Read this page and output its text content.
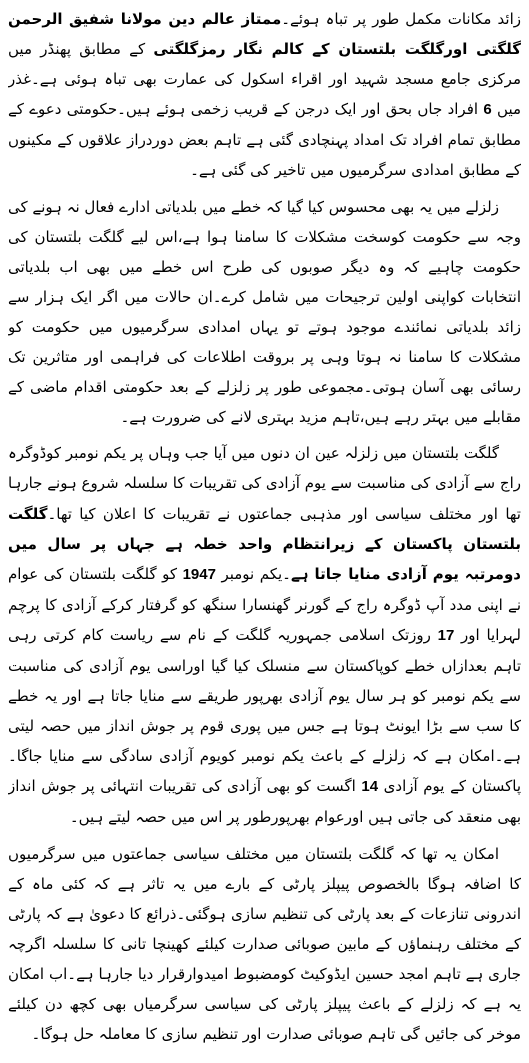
زائد مکانات مکمل طور پر تباہ ہوئے۔ممتاز عالم دین مولانا شفیق الرحمن گلگتی اورگلگت بلتستان کے کالم نگار رمزگلگتی کے مطابق پھنڈر میں مرکزی جامع مسجد شہید اور اقراء اسکول کی عمارت بھی تباہ ہوئی ہے۔غذر میں 6 افراد جاں بحق اور ایک درجن کے قریب زخمی ہوئے ہیں۔حکومتی دعوے کے مطابق تمام افراد تک امداد پہنچادی گئی ہے تاہم بعض دوردراز علاقوں کے مکینوں کے مطابق امدادی سرگرمیوں میں تاخیر کی گئی ہے۔

زلزلے میں یہ بھی محسوس کیا گیا کہ خطے میں بلدیاتی ادارے فعال نہ ہونے کی وجہ سے حکومت کوسخت مشکلات کا سامنا ہوا ہے،اس لیے گلگت بلتستان کی حکومت چاہیے کہ وہ دیگر صوبوں کی طرح اس خطے میں بھی اب بلدیاتی انتخابات کواپنی اولین ترجیحات میں شامل کرے۔ان حالات میں اگر ایک ہزار سے زائد بلدیاتی نمائندے موجود ہوتے تو یہاں امدادی سرگرمیوں میں حکومت کو مشکلات کا سامنا نہ ہوتا وہی پر بروقت اطلاعات کی فراہمی اور متاثرین تک رسائی بھی آسان ہوتی۔مجموعی طور پر زلزلے کے بعد حکومتی اقدام ماضی کے مقابلے میں بہتر رہے ہیں،تاہم مزید بہتری لانے کی ضرورت ہے۔

گلگت بلتستان میں زلزلہ عین ان دنوں میں آیا جب وہاں پر یکم نومبر کوڈوگرہ راج سے آزادی کی مناسبت سے یوم آزادی کی تقریبات کا سلسلہ شروع ہونے جارہا تھا اور مختلف سیاسی اور مذہبی جماعتوں نے تقریبات کا اعلان کیا تھا۔گلگت بلتستان پاکستان کے زیرانتظام واحد خطہ ہے جہاں پر سال میں دومرتبہ یوم آزادی منایا جاتا ہے۔یکم نومبر 1947 کو گلگت بلتستان کی عوام نے اپنی مدد آپ ڈوگرہ راج کے گورنر گھنسارا سنگھ کو گرفتار کرکے آزادی کا پرچم لہرایا اور 17 روزتک اسلامی جمہوریہ گلگت کے نام سے ریاست کام کرتی رہی تاہم بعدازاں خطے کوپاکستان سے منسلک کیا گیا اوراسی یوم آزادی کی مناسبت سے یکم نومبر کو ہر سال یوم آزادی بھرپور طریقے سے منایا جاتا ہے اور یہ خطے کا سب سے بڑا ایونٹ ہوتا ہے جس میں پوری قوم پر جوش انداز میں حصہ لیتی ہے۔امکان ہے کہ زلزلے کے باعث یکم نومبر کویوم آزادی سادگی سے منایا جاگا۔پاکستان کے یوم آزادی 14 اگست کو بھی آزادی کی تقریبات انتہائی پر جوش انداز بھی منعقد کی جاتی ہیں اورعوام بھرپورطور پر اس میں حصہ لیتے ہیں۔

امکان یہ تھا کہ گلگت بلتستان میں مختلف سیاسی جماعتوں میں سرگرمیوں کا اضافہ ہوگا بالخصوص پیپلز پارٹی کے بارے میں یہ تاثر ہے کہ کئی ماہ کے اندرونی تنازعات کے بعد پارٹی کی تنظیم سازی ہوگئی۔ذرائع کا دعویٰ ہے کہ پارٹی کے مختلف رہنماؤں کے مابین صوبائی صدارت کیلئے کھینچا تانی کا سلسلہ اگرچہ جاری ہے تاہم امجد حسین ایڈوکیٹ کومضبوط امیدوارقرار دیا جارہا ہے۔اب امکان یہ ہے کہ زلزلے کے باعث پیپلز پارٹی کی سیاسی سرگرمیاں بھی کچھ دن کیلئے موخر کی جائیں گی تاہم صوبائی صدارت اور تنظیم سازی کا معاملہ حل ہوگا۔
